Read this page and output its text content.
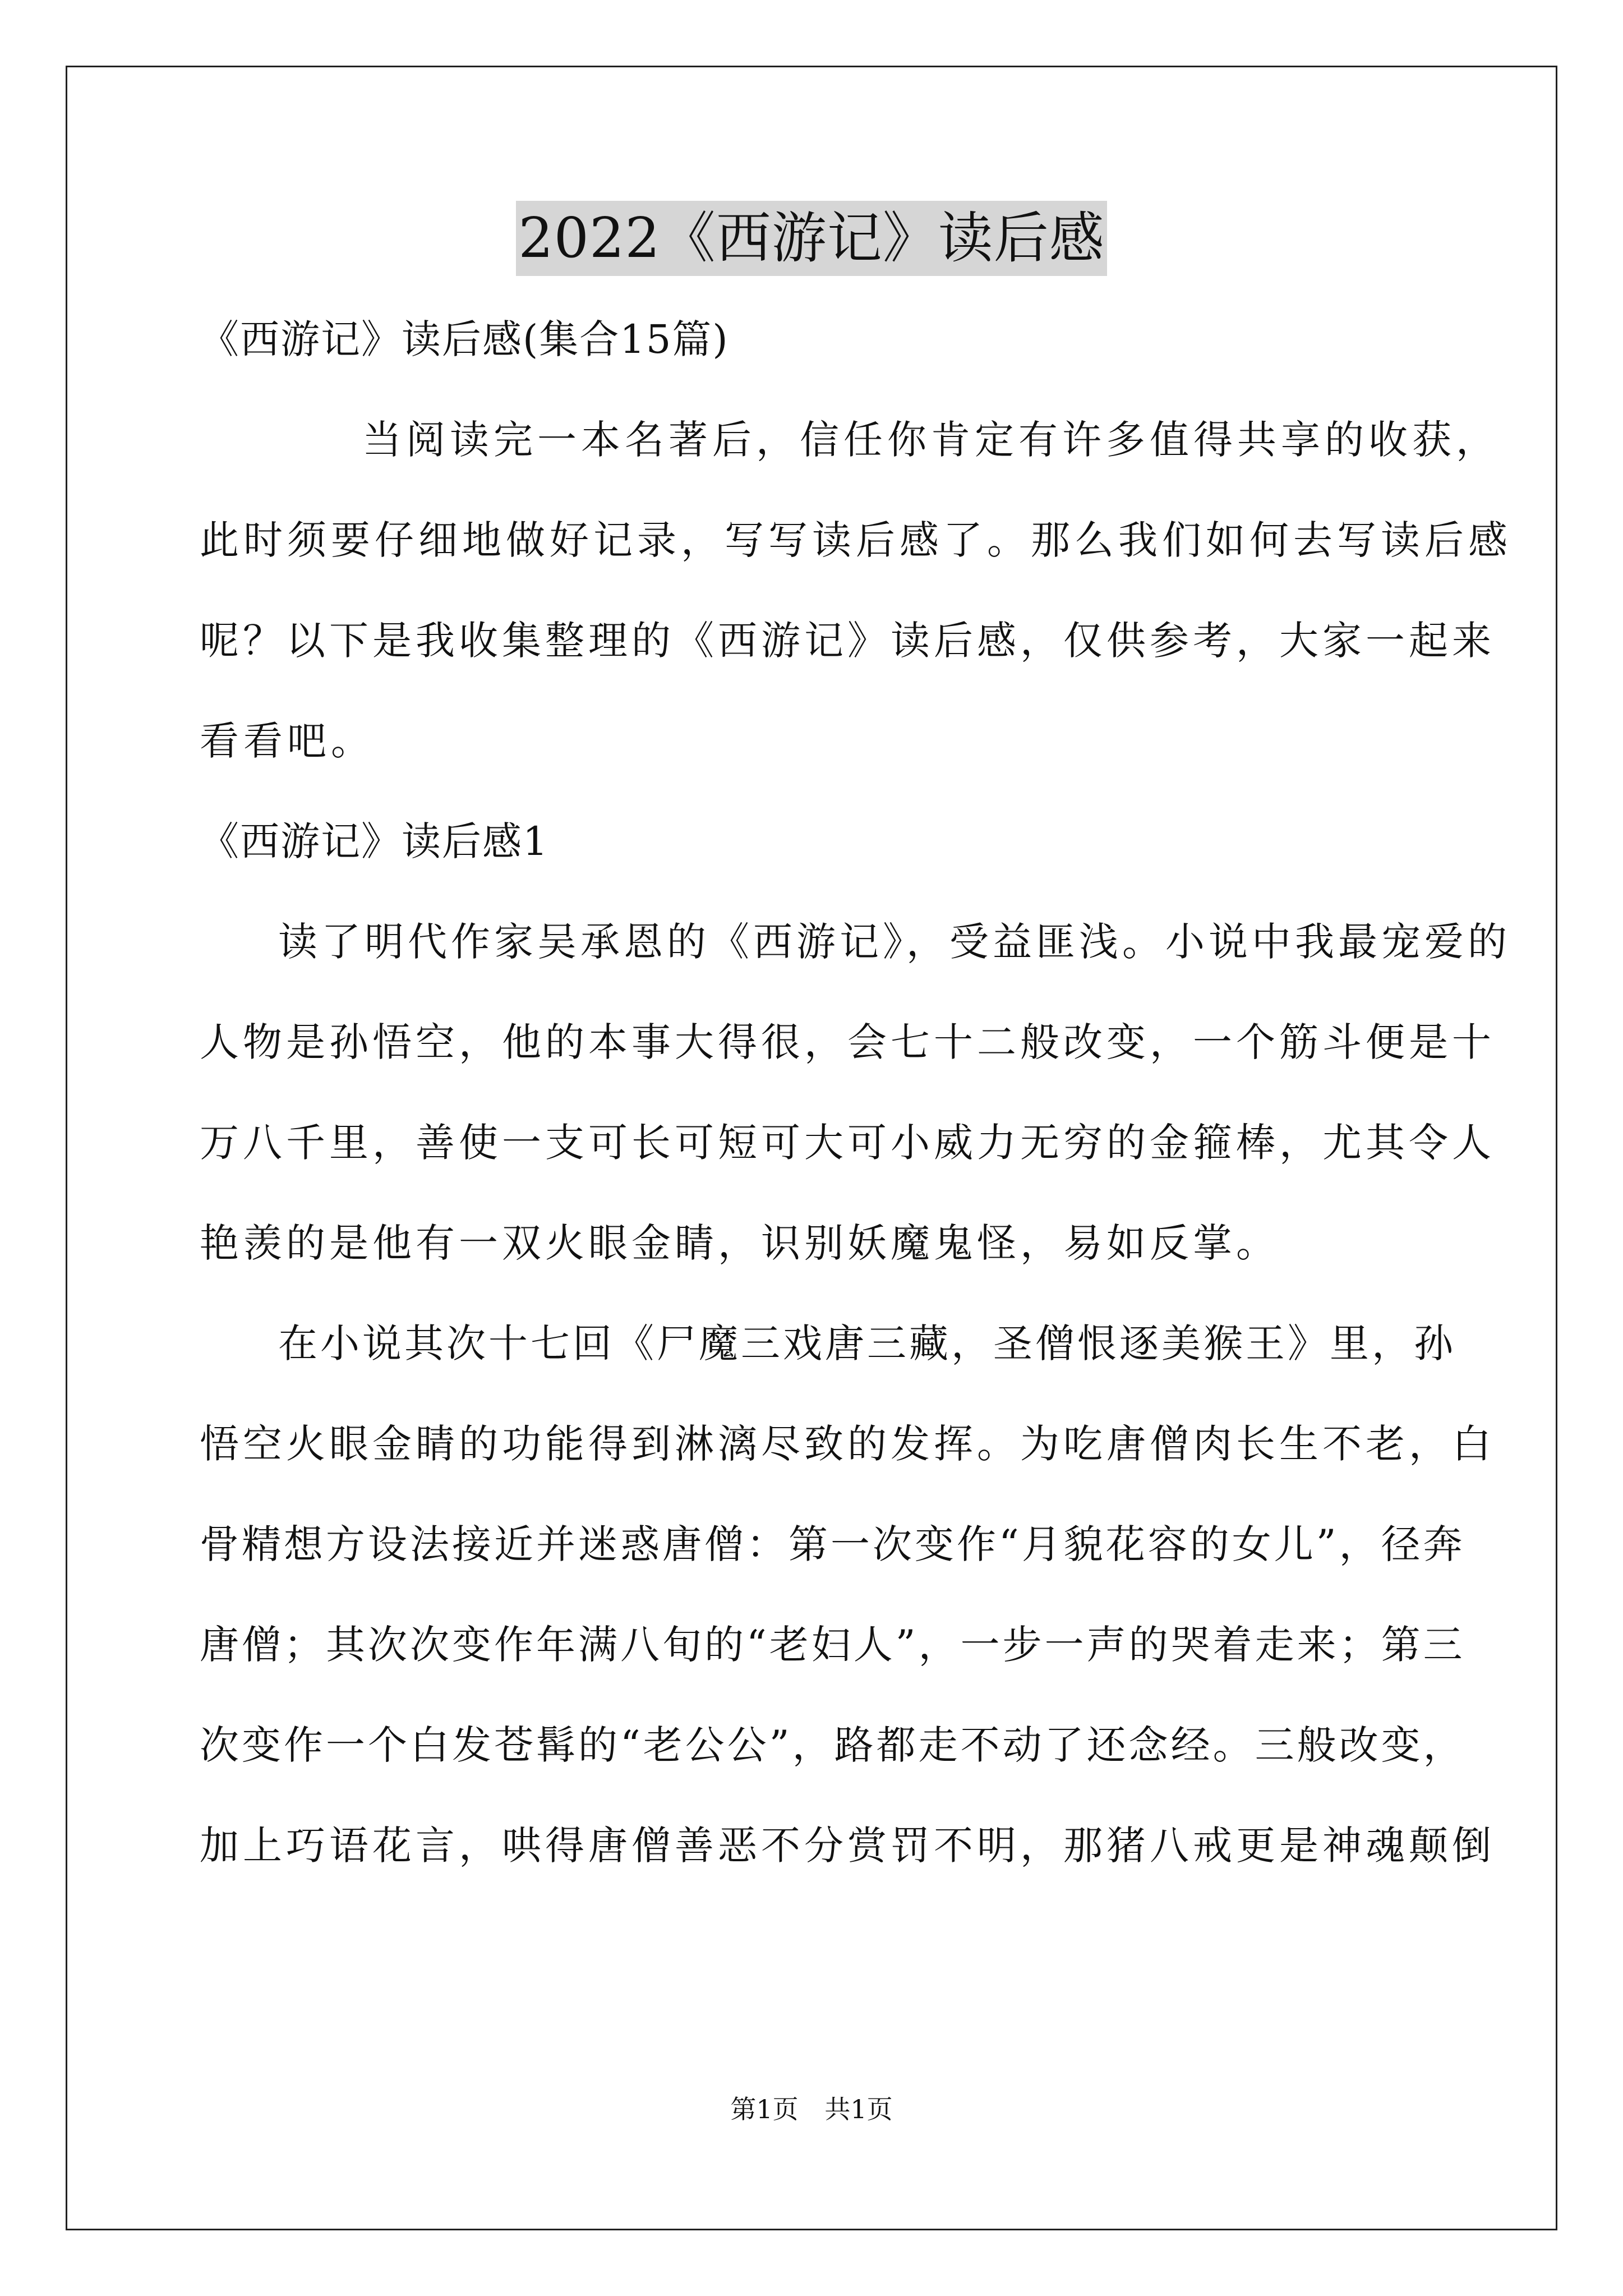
2022《西游记》读后感
《西游记》读后感(集合15篇)
当阅读完一本名著后，信任你肯定有许多值得共享的收获，
此时须要仔细地做好记录，写写读后感了。那么我们如何去写读后感
呢？以下是我收集整理的《西游记》读后感，仅供参考，大家一起来
看看吧。
《西游记》读后感1
读了明代作家吴承恩的《西游记》，受益匪浅。小说中我最宠爱的
人物是孙悟空，他的本事大得很，会七十二般改变，一个筋斗便是十
万八千里，善使一支可长可短可大可小威力无穷的金箍棒，尤其令人
艳羡的是他有一双火眼金睛，识别妖魔鬼怪，易如反掌。
在小说其次十七回《尸魔三戏唐三藏，圣僧恨逐美猴王》里，孙
悟空火眼金睛的功能得到淋漓尽致的发挥。为吃唐僧肉长生不老，白
骨精想方设法接近并迷惑唐僧：第一次变作“月貌花容的女儿”，径奔
唐僧；其次次变作年满八旬的“老妇人”，一步一声的哭着走来；第三
次变作一个白发苍髯的“老公公”，路都走不动了还念经。三般改变，
加上巧语花言，哄得唐僧善恶不分赏罚不明，那猪八戒更是神魂颠倒
第1页 共1页
